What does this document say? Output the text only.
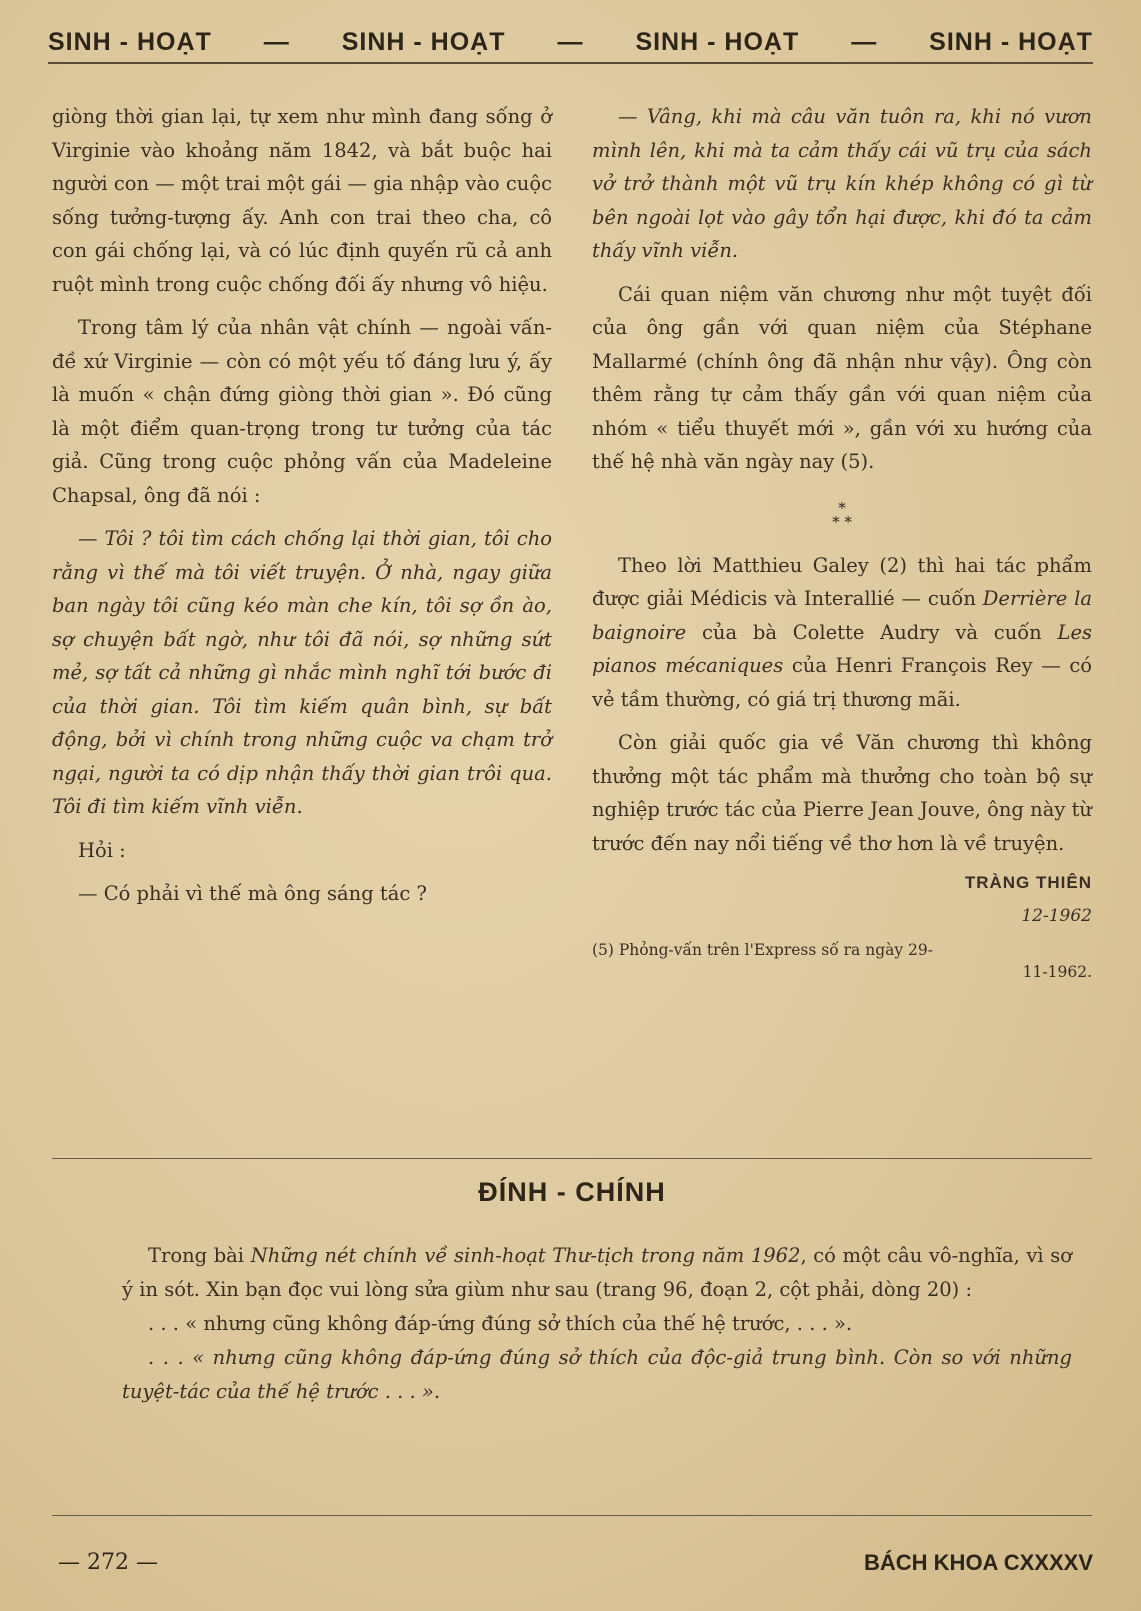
SINH - HOẠT — SINH - HOẠT — SINH - HOẠT — SINH - HOẠT

giòng thời gian lại, tự xem như mình đang sống ở Virginie vào khoảng năm 1842, và bắt buộc hai người con — một trai một gái — gia nhập vào cuộc sống tưởng-tượng ấy. Anh con trai theo cha, cô con gái chống lại, và có lúc định quyến rũ cả anh ruột mình trong cuộc chống đối ấy nhưng vô hiệu.

Trong tâm lý của nhân vật chính — ngoài vấn-đề xứ Virginie — còn có một yếu tố đáng lưu ý, ấy là muốn « chận đứng giòng thời gian ». Đó cũng là một điểm quan-trọng trong tư tưởng của tác giả. Cũng trong cuộc phỏng vấn của Madeleine Chapsal, ông đã nói :

— Tôi ? tôi tìm cách chống lại thời gian, tôi cho rằng vì thế mà tôi viết truyện. Ở nhà, ngay giữa ban ngày tôi cũng kéo màn che kín, tôi sợ ồn ào, sợ chuyện bất ngờ, như tôi đã nói, sợ những sứt mẻ, sợ tất cả những gì nhắc mình nghĩ tới bước đi của thời gian. Tôi tìm kiếm quân bình, sự bất động, bởi vì chính trong những cuộc va chạm trở ngại, người ta có dịp nhận thấy thời gian trôi qua. Tôi đi tìm kiếm vĩnh viễn.

Hỏi :

— Có phải vì thế mà ông sáng tác ?

— Vâng, khi mà câu văn tuôn ra, khi nó vươn mình lên, khi mà ta cảm thấy cái vũ trụ của sách vở trở thành một vũ trụ kín khép không có gì từ bên ngoài lọt vào gây tổn hại được, khi đó ta cảm thấy vĩnh viễn.

Cái quan niệm văn chương như một tuyệt đối của ông gần với quan niệm của Stéphane Mallarmé (chính ông đã nhận như vậy). Ông còn thêm rằng tự cảm thấy gần với quan niệm của nhóm « tiểu thuyết mới », gần với xu hướng của thế hệ nhà văn ngày nay (5).

*
* *

Theo lời Matthieu Galey (2) thì hai tác phẩm được giải Médicis và Interallié — cuốn Derrière la baignoire của bà Colette Audry và cuốn Les pianos mécaniques của Henri François Rey — có vẻ tầm thường, có giá trị thương mãi.

Còn giải quốc gia về Văn chương thì không thưởng một tác phẩm mà thưởng cho toàn bộ sự nghiệp trước tác của Pierre Jean Jouve, ông này từ trước đến nay nổi tiếng về thơ hơn là về truyện.

TRÀNG THIÊN

12-1962

(5) Phỏng-vấn trên l'Express số ra ngày 29-
11-1962.

ĐÍNH - CHÍNH

Trong bài Những nét chính về sinh-hoạt Thư-tịch trong năm 1962, có một câu vô-nghĩa, vì sơ ý in sót. Xin bạn đọc vui lòng sửa giùm như sau (trang 96, đoạn 2, cột phải, dòng 20) :

. . . « nhưng cũng không đáp-ứng đúng sở thích của thế hệ trước, . . . ».

. . . « nhưng cũng không đáp-ứng đúng sở thích của độc-giả trung bình. Còn so với những tuyệt-tác của thế hệ trước . . . ».

— 272 —	BÁCH KHOA CXXXXV
